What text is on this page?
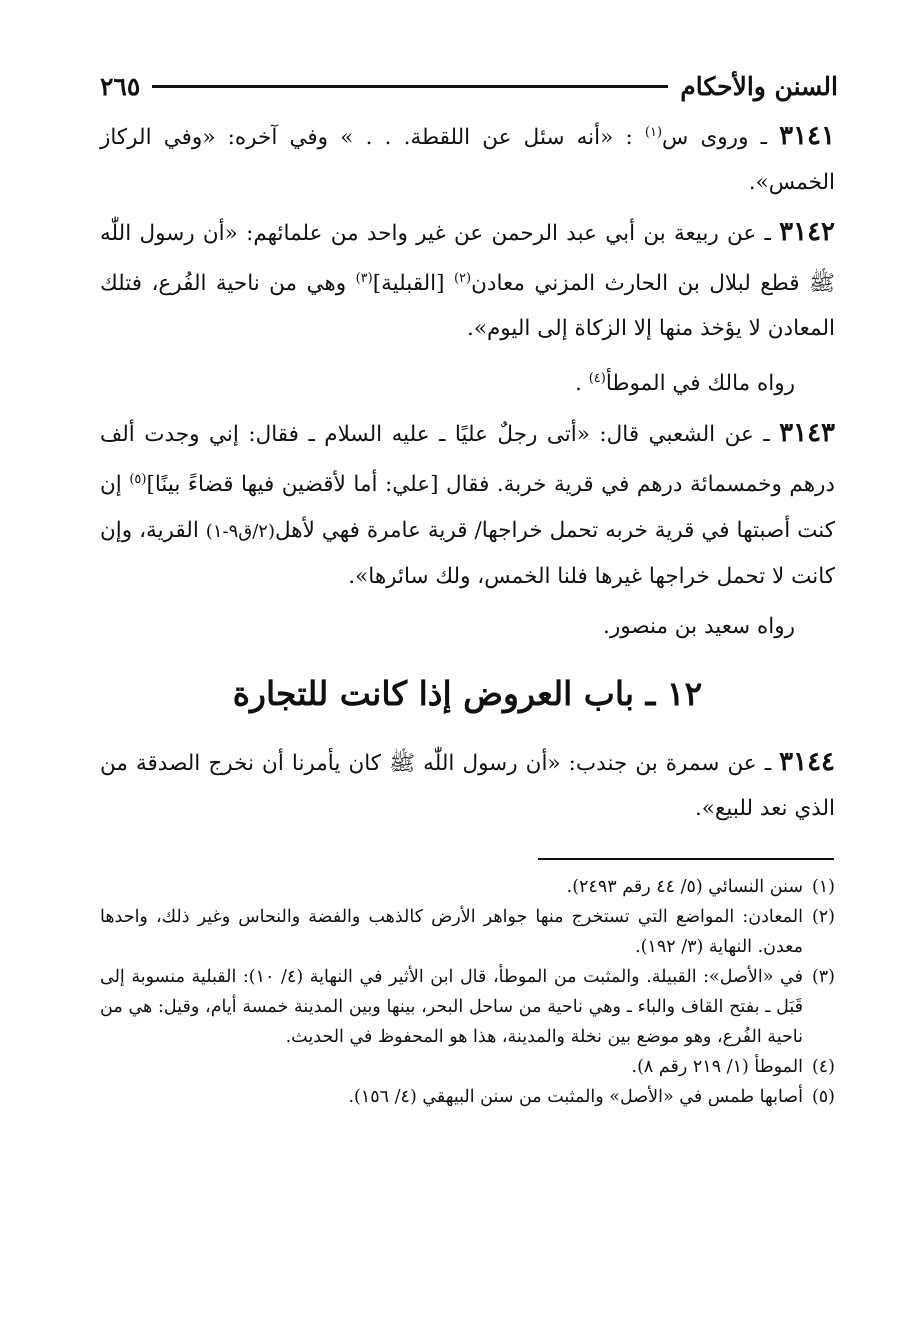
السنن والأحكام
٢٦٥

٣١٤١ ـ وروى س$^{(١)}$ : «أنه سئل عن اللقطة. . . » وفي آخره: «وفي الركاز الخمس».

٣١٤٢ ـ عن ربيعة بن أبي عبد الرحمن عن غير واحد من علمائهم: «أن رسول اللّٰه ﷺ قطع لبلال بن الحارث المزني معادن$^{(٢)}$ [القبلية]$^{(٣)}$ وهي من ناحية الفُرع، فتلك المعادن لا يؤخذ منها إلا الزكاة إلى اليوم».

رواه مالك في الموطأ$^{(٤)}$ .

٣١٤٣ ـ عن الشعبي قال: «أتى رجلٌ عليًا ـ عليه السلام ـ فقال: إني وجدت ألف درهم وخمسمائة درهم في قرية خربة. فقال [علي: أما لأقضين فيها قضاءً بينًا]$^{(٥)}$ إن كنت أصبتها في قرية خربه تحمل خراجها/ قرية عامرة فهي لأهل(٢/ق٩-١) القرية، وإن كانت لا تحمل خراجها غيرها فلنا الخمس، ولك سائرها».

رواه سعيد بن منصور.

١٢ ـ باب العروض إذا كانت للتجارة

٣١٤٤ ـ عن سمرة بن جندب: «أن رسول اللّٰه ﷺ كان يأمرنا أن نخرج الصدقة من الذي نعد للبيع».

(١)
سنن النسائي (٥/ ٤٤ رقم ٢٤٩٣).
(٢)
المعادن: المواضع التي تستخرج منها جواهر الأرض كالذهب والفضة والنحاس وغير ذلك، واحدها معدن. النهاية (٣/ ١٩٢).
(٣)
في «الأصل»: القبيلة. والمثبت من الموطأ، قال ابن الأثير في النهاية (٤/ ١٠): القبلية منسوبة إلى قَبَل ـ بفتح القاف والباء ـ وهي ناحية من ساحل البحر، بينها وبين المدينة خمسة أيام، وقيل: هي من ناحية الفُرع، وهو موضع بين نخلة والمدينة، هذا هو المحفوظ في الحديث.
(٤)
الموطأ (١/ ٢١٩ رقم ٨).
(٥)
أصابها طمس في «الأصل» والمثبت من سنن البيهقي (٤/ ١٥٦).
